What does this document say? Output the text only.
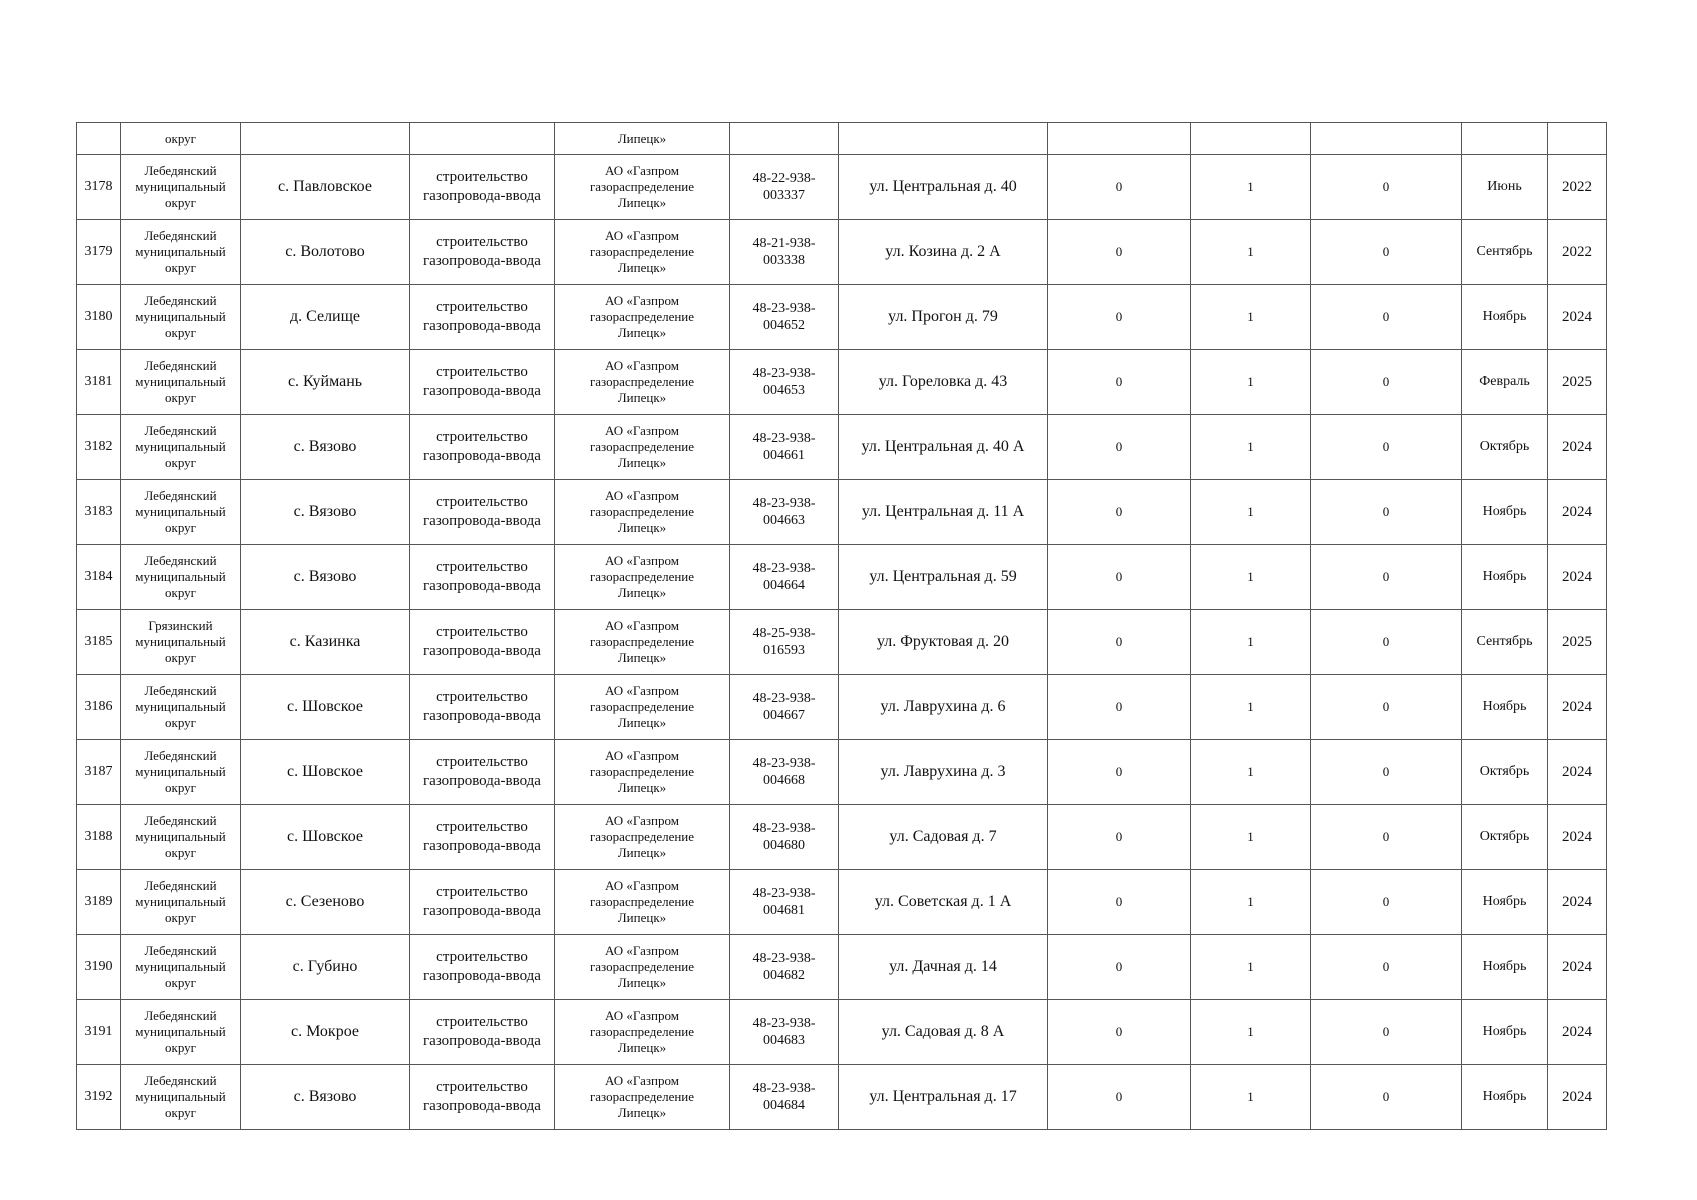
	округ			Липецк»							
3178	Лебедянский
муниципальный
округ	с. Павловское	строительство
газопровода-ввода	АО «Газпром
газораспределение
Липецк»	48-22-938-
003337	ул. Центральная д. 40	0	1	0	Июнь	2022
3179	Лебедянский
муниципальный
округ	с. Волотово	строительство
газопровода-ввода	АО «Газпром
газораспределение
Липецк»	48-21-938-
003338	ул. Козина д. 2 А	0	1	0	Сентябрь	2022
3180	Лебедянский
муниципальный
округ	д. Селище	строительство
газопровода-ввода	АО «Газпром
газораспределение
Липецк»	48-23-938-
004652	ул. Прогон д. 79	0	1	0	Ноябрь	2024
3181	Лебедянский
муниципальный
округ	с. Куймань	строительство
газопровода-ввода	АО «Газпром
газораспределение
Липецк»	48-23-938-
004653	ул. Гореловка д. 43	0	1	0	Февраль	2025
3182	Лебедянский
муниципальный
округ	с. Вязово	строительство
газопровода-ввода	АО «Газпром
газораспределение
Липецк»	48-23-938-
004661	ул. Центральная д. 40 А	0	1	0	Октябрь	2024
3183	Лебедянский
муниципальный
округ	с. Вязово	строительство
газопровода-ввода	АО «Газпром
газораспределение
Липецк»	48-23-938-
004663	ул. Центральная д. 11 А	0	1	0	Ноябрь	2024
3184	Лебедянский
муниципальный
округ	с. Вязово	строительство
газопровода-ввода	АО «Газпром
газораспределение
Липецк»	48-23-938-
004664	ул. Центральная д. 59	0	1	0	Ноябрь	2024
3185	Грязинский
муниципальный
округ	с. Казинка	строительство
газопровода-ввода	АО «Газпром
газораспределение
Липецк»	48-25-938-
016593	ул. Фруктовая д. 20	0	1	0	Сентябрь	2025
3186	Лебедянский
муниципальный
округ	с. Шовское	строительство
газопровода-ввода	АО «Газпром
газораспределение
Липецк»	48-23-938-
004667	ул. Лаврухина д. 6	0	1	0	Ноябрь	2024
3187	Лебедянский
муниципальный
округ	с. Шовское	строительство
газопровода-ввода	АО «Газпром
газораспределение
Липецк»	48-23-938-
004668	ул. Лаврухина д. 3	0	1	0	Октябрь	2024
3188	Лебедянский
муниципальный
округ	с. Шовское	строительство
газопровода-ввода	АО «Газпром
газораспределение
Липецк»	48-23-938-
004680	ул. Садовая д. 7	0	1	0	Октябрь	2024
3189	Лебедянский
муниципальный
округ	с. Сезеново	строительство
газопровода-ввода	АО «Газпром
газораспределение
Липецк»	48-23-938-
004681	ул. Советская д. 1 А	0	1	0	Ноябрь	2024
3190	Лебедянский
муниципальный
округ	с. Губино	строительство
газопровода-ввода	АО «Газпром
газораспределение
Липецк»	48-23-938-
004682	ул. Дачная д. 14	0	1	0	Ноябрь	2024
3191	Лебедянский
муниципальный
округ	с. Мокрое	строительство
газопровода-ввода	АО «Газпром
газораспределение
Липецк»	48-23-938-
004683	ул. Садовая д. 8 А	0	1	0	Ноябрь	2024
3192	Лебедянский
муниципальный
округ	с. Вязово	строительство
газопровода-ввода	АО «Газпром
газораспределение
Липецк»	48-23-938-
004684	ул. Центральная д. 17	0	1	0	Ноябрь	2024
